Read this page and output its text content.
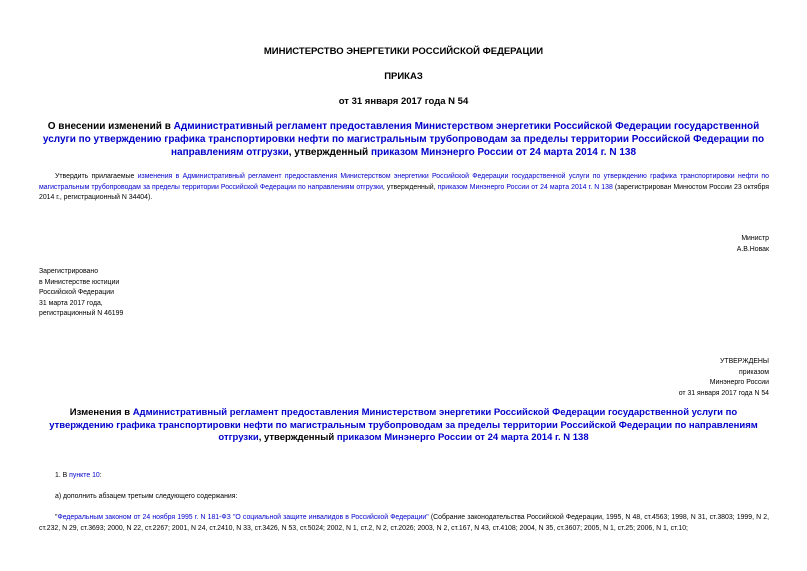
МИНИСТЕРСТВО ЭНЕРГЕТИКИ РОССИЙСКОЙ ФЕДЕРАЦИИ
ПРИКАЗ
от 31 января 2017 года N 54
О внесении изменений в Административный регламент предоставления Министерством энергетики Российской Федерации государственной услуги по утверждению графика транспортировки нефти по магистральным трубопроводам за пределы территории Российской Федерации по направлениям отгрузки, утвержденный приказом Минэнерго России от 24 марта 2014 г. N 138
Утвердить прилагаемые изменения в Административный регламент предоставления Министерством энергетики Российской Федерации государственной услуги по утверждению графика транспортировки нефти по магистральным трубопроводам за пределы территории Российской Федерации по направлениям отгрузки, утвержденный, приказом Минэнерго России от 24 марта 2014 г. N 138 (зарегистрирован Минюстом России 23 октября 2014 г., регистрационный N 34404).
Министр
А.В.Новак
Зарегистрировано
в Министерстве юстиции
Российской Федерации
31 марта 2017 года,
регистрационный N 46199
УТВЕРЖДЕНЫ
приказом
Минэнерго России
от 31 января 2017 года N 54
Изменения в Административный регламент предоставления Министерством энергетики Российской Федерации государственной услуги по утверждению графика транспортировки нефти по магистральным трубопроводам за пределы территории Российской Федерации по направлениям отгрузки, утвержденный приказом Минэнерго России от 24 марта 2014 г. N 138
1. В пункте 10:
а) дополнить абзацем третьим следующего содержания:
"Федеральным законом от 24 ноября 1995 г. N 181-ФЗ "О социальной защите инвалидов в Российской Федерации" (Собрание законодательства Российской Федерации, 1995, N 48, ст.4563; 1998, N 31, ст.3803; 1999, N 2, ст.232, N 29, ст.3693; 2000, N 22, ст.2267; 2001, N 24, ст.2410, N 33, ст.3426, N 53, ст.5024; 2002, N 1, ст.2, N 2, ст.2026; 2003, N 2, ст.167, N 43, ст.4108; 2004, N 35, ст.3607; 2005, N 1, ст.25; 2006, N 1, ст.10;
